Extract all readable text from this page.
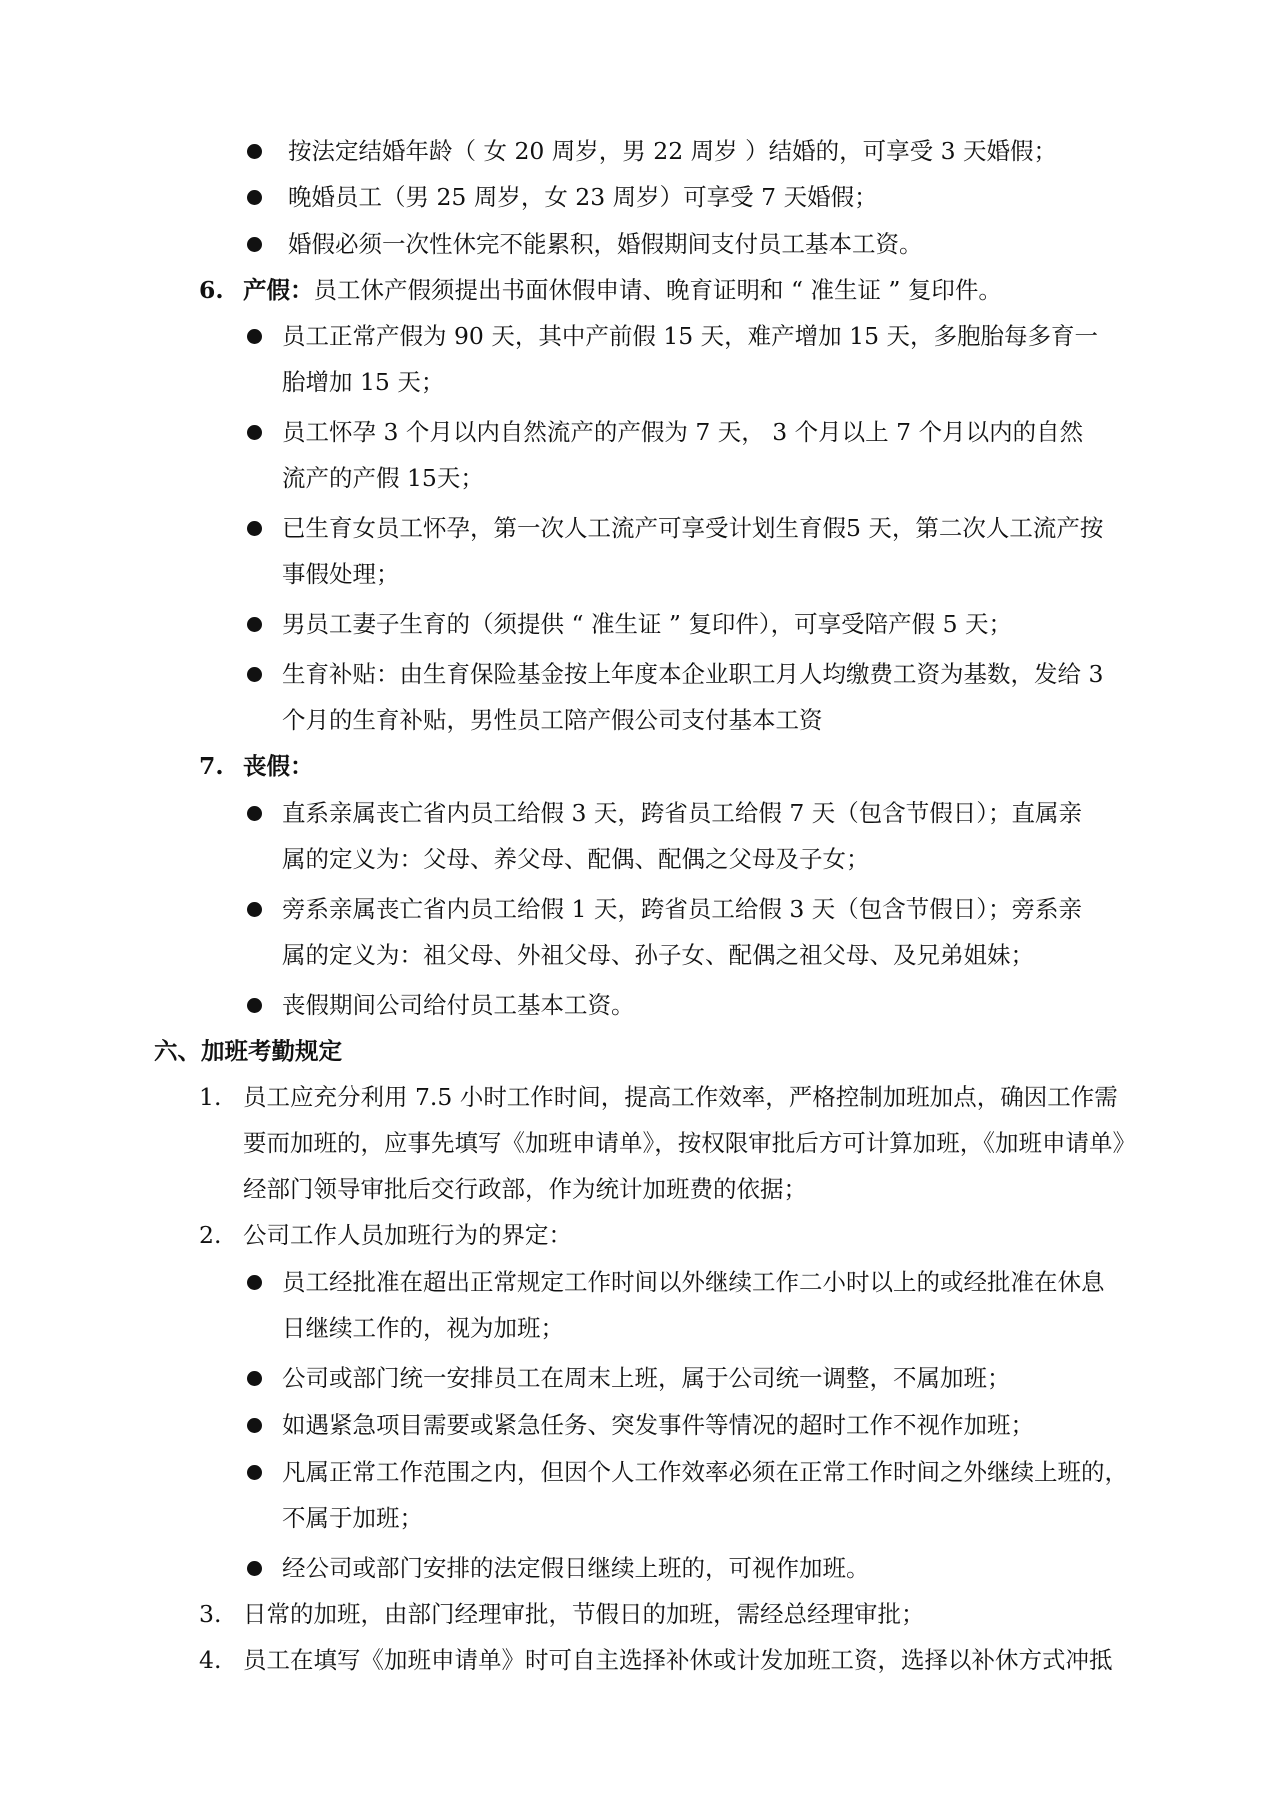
按法定结婚年龄（ 女 20 周岁，男 22 周岁 ）结婚的，可享受 3 天婚假；
晚婚员工（男 25 周岁，女 23 周岁）可享受 7 天婚假；
婚假必须一次性休完不能累积，婚假期间支付员工基本工资。
6. 产假：员工休产假须提出书面休假申请、晚育证明和 “ 准生证 ” 复印件。
员工正常产假为 90 天，其中产前假 15 天，难产增加 15 天，多胞胎每多育一
胎增加 15 天；
员工怀孕 3 个月以内自然流产的产假为 7 天， 3 个月以上 7 个月以内的自然
流产的产假 15天；
已生育女员工怀孕，第一次人工流产可享受计划生育假5 天，第二次人工流产按
事假处理；
男员工妻子生育的（须提供 “ 准生证 ” 复印件），可享受陪产假 5 天；
生育补贴：由生育保险基金按上年度本企业职工月人均缴费工资为基数，发给 3
个月的生育补贴，男性员工陪产假公司支付基本工资
7. 丧假：
直系亲属丧亡省内员工给假 3 天，跨省员工给假 7 天（包含节假日）；直属亲
属的定义为：父母、养父母、配偶、配偶之父母及子女；
旁系亲属丧亡省内员工给假 1 天，跨省员工给假 3 天（包含节假日）；旁系亲
属的定义为：祖父母、外祖父母、孙子女、配偶之祖父母、及兄弟姐妹；
丧假期间公司给付员工基本工资。
六、加班考勤规定
1. 员工应充分利用 7.5 小时工作时间，提高工作效率，严格控制加班加点，确因工作需
要而加班的，应事先填写《加班申请单》，按权限审批后方可计算加班，《加班申请单》
经部门领导审批后交行政部，作为统计加班费的依据；
2. 公司工作人员加班行为的界定：
员工经批准在超出正常规定工作时间以外继续工作二小时以上的或经批准在休息
日继续工作的，视为加班；
公司或部门统一安排员工在周末上班，属于公司统一调整，不属加班；
如遇紧急项目需要或紧急任务、突发事件等情况的超时工作不视作加班；
凡属正常工作范围之内，但因个人工作效率必须在正常工作时间之外继续上班的，
不属于加班；
经公司或部门安排的法定假日继续上班的，可视作加班。
3. 日常的加班，由部门经理审批，节假日的加班，需经总经理审批；
4. 员工在填写《加班申请单》时可自主选择补休或计发加班工资，选择以补休方式冲抵
